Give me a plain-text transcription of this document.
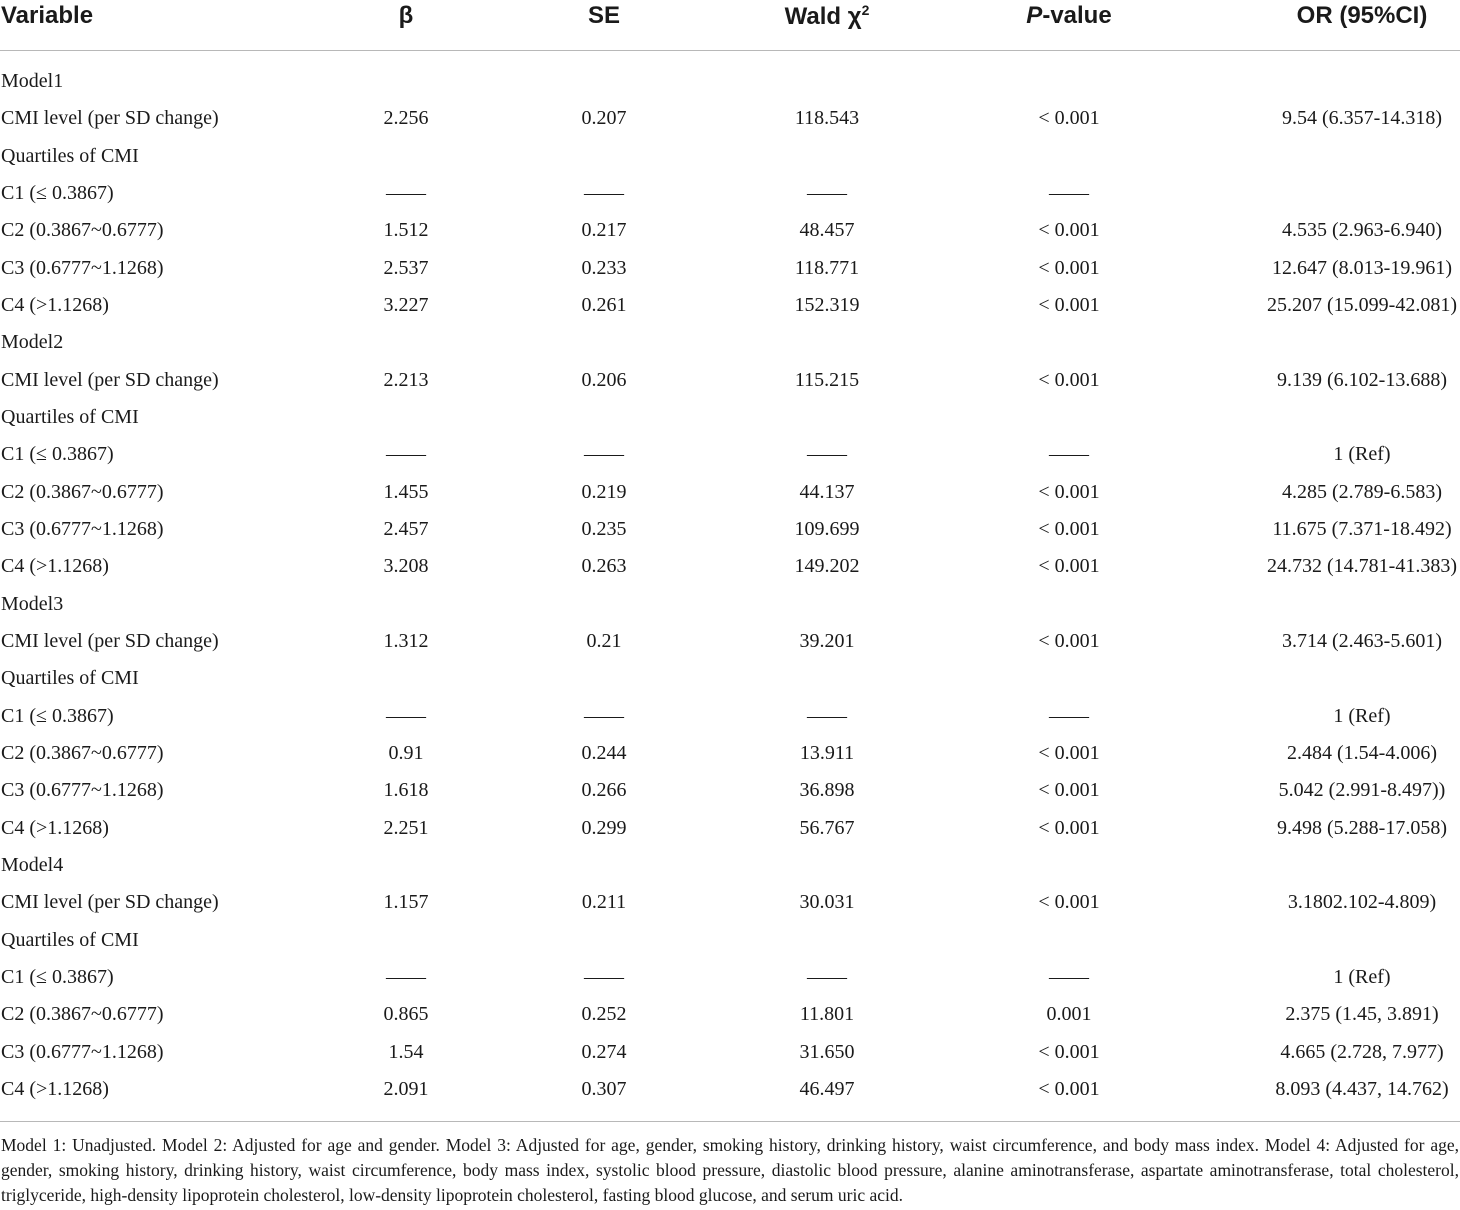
Variable	β	SE	Wald $\chi^2$	P-value	OR (95%CI)
Model1
CMI level (per SD change)	2.256	0.207	118.543	< 0.001	9.54 (6.357-14.318)
Quartiles of CMI
C1 (≤ 0.3867)	——	——	——	——
C2 (0.3867~0.6777)	1.512	0.217	48.457	< 0.001	4.535 (2.963-6.940)
C3 (0.6777~1.1268)	2.537	0.233	118.771	< 0.001	12.647 (8.013-19.961)
C4 (>1.1268)	3.227	0.261	152.319	< 0.001	25.207 (15.099-42.081)
Model2
CMI level (per SD change)	2.213	0.206	115.215	< 0.001	9.139 (6.102-13.688)
Quartiles of CMI
C1 (≤ 0.3867)	——	——	——	——	1 (Ref)
C2 (0.3867~0.6777)	1.455	0.219	44.137	< 0.001	4.285 (2.789-6.583)
C3 (0.6777~1.1268)	2.457	0.235	109.699	< 0.001	11.675 (7.371-18.492)
C4 (>1.1268)	3.208	0.263	149.202	< 0.001	24.732 (14.781-41.383)
Model3
CMI level (per SD change)	1.312	0.21	39.201	< 0.001	3.714 (2.463-5.601)
Quartiles of CMI
C1 (≤ 0.3867)	——	——	——	——	1 (Ref)
C2 (0.3867~0.6777)	0.91	0.244	13.911	< 0.001	2.484 (1.54-4.006)
C3 (0.6777~1.1268)	1.618	0.266	36.898	< 0.001	5.042 (2.991-8.497))
C4 (>1.1268)	2.251	0.299	56.767	< 0.001	9.498 (5.288-17.058)
Model4
CMI level (per SD change)	1.157	0.211	30.031	< 0.001	3.1802.102-4.809)
Quartiles of CMI
C1 (≤ 0.3867)	——	——	——	——	1 (Ref)
C2 (0.3867~0.6777)	0.865	0.252	11.801	0.001	2.375 (1.45, 3.891)
C3 (0.6777~1.1268)	1.54	0.274	31.650	< 0.001	4.665 (2.728, 7.977)
C4 (>1.1268)	2.091	0.307	46.497	< 0.001	8.093 (4.437, 14.762)
Model 1: Unadjusted. Model 2: Adjusted for age and gender. Model 3: Adjusted for age, gender, smoking history, drinking history, waist circumference, and body mass index. Model 4: Adjusted for age, gender, smoking history, drinking history, waist circumference, body mass index, systolic blood pressure, diastolic blood pressure, alanine aminotransferase, aspartate aminotransferase, total cholesterol, triglyceride, high-density lipoprotein cholesterol, low-density lipoprotein cholesterol, fasting blood glucose, and serum uric acid.
